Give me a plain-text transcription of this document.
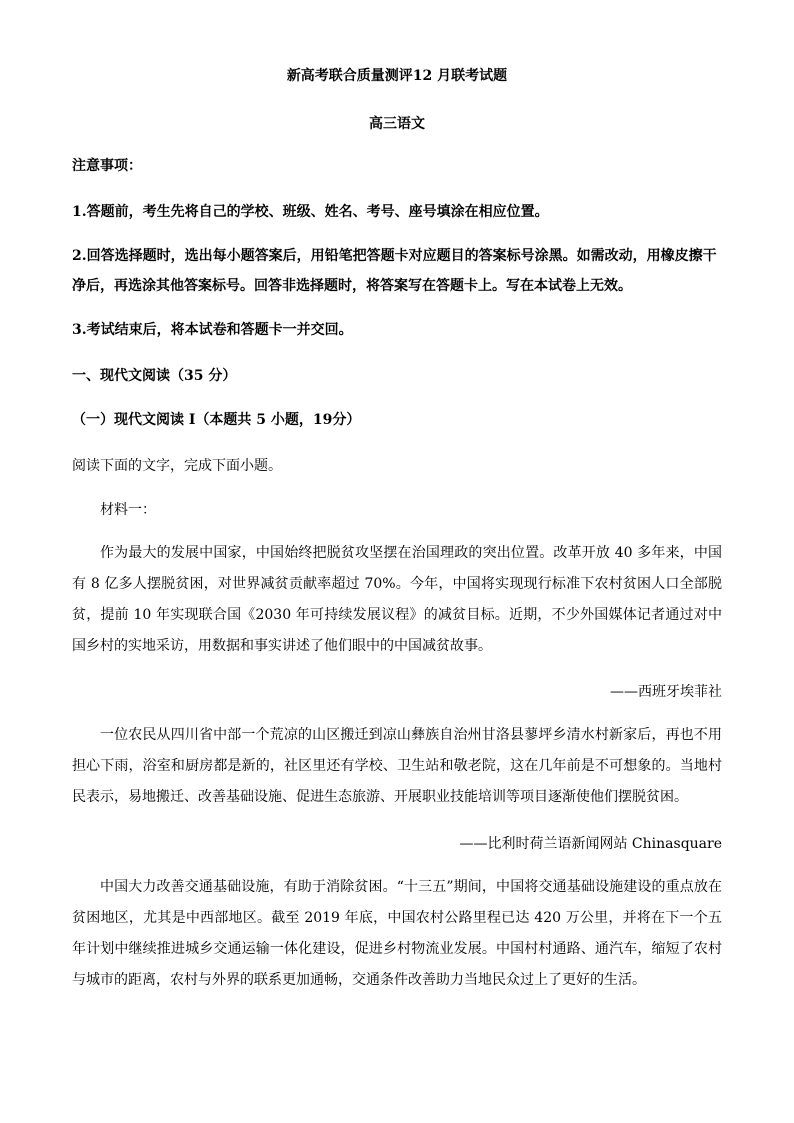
新高考联合质量测评12 月联考试题
高三语文
注意事项：
1.答题前，考生先将自己的学校、班级、姓名、考号、座号填涂在相应位置。
2.回答选择题时，选出每小题答案后，用铅笔把答题卡对应题目的答案标号涂黑。如需改动，用橡皮擦干
净后，再选涂其他答案标号。回答非选择题时，将答案写在答题卡上。写在本试卷上无效。
3.考试结束后，将本试卷和答题卡一并交回。
一、现代文阅读（35 分）
（一）现代文阅读 I（本题共 5 小题，19分）
阅读下面的文字，完成下面小题。
材料一：
作为最大的发展中国家，中国始终把脱贫攻坚摆在治国理政的突出位置。改革开放 40 多年来，中国有 8 亿多人摆脱贫困，对世界减贫贡献率超过 70%。今年，中国将实现现行标准下农村贫困人口全部脱贫，提前 10 年实现联合国《2030 年可持续发展议程》的减贫目标。近期，不少外国媒体记者通过对中国乡村的实地采访，用数据和事实讲述了他们眼中的中国减贫故事。
——西班牙埃菲社
一位农民从四川省中部一个荒凉的山区搬迁到凉山彝族自治州甘洛县蓼坪乡清水村新家后，再也不用担心下雨，浴室和厨房都是新的，社区里还有学校、卫生站和敬老院，这在几年前是不可想象的。当地村民表示，易地搬迁、改善基础设施、促进生态旅游、开展职业技能培训等项目逐渐使他们摆脱贫困。
——比利时荷兰语新闻网站 Chinasquare
中国大力改善交通基础设施，有助于消除贫困。“十三五”期间，中国将交通基础设施建设的重点放在贫困地区，尤其是中西部地区。截至 2019 年底，中国农村公路里程已达 420 万公里，并将在下一个五年计划中继续推进城乡交通运输一体化建设，促进乡村物流业发展。中国村村通路、通汽车，缩短了农村与城市的距离，农村与外界的联系更加通畅，交通条件改善助力当地民众过上了更好的生活。
